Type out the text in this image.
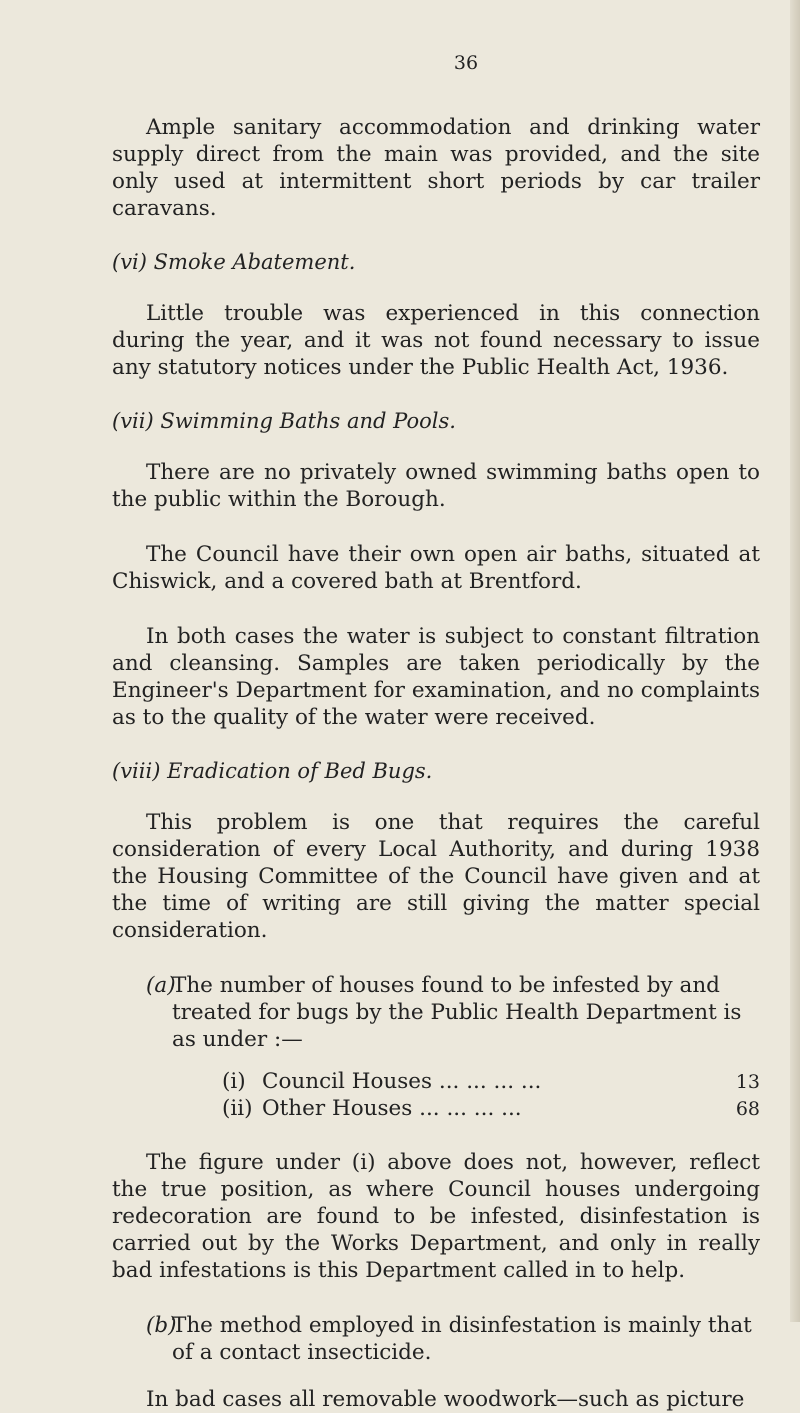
36

Ample sanitary accommodation and drinking water supply direct from the main was provided, and the site only used at intermittent short periods by car trailer caravans.

(vi) Smoke Abatement.

Little trouble was experienced in this connection during the year, and it was not found necessary to issue any statutory notices under the Public Health Act, 1936.

(vii) Swimming Baths and Pools.

There are no privately owned swimming baths open to the public within the Borough.

The Council have their own open air baths, situated at Chiswick, and a covered bath at Brentford.

In both cases the water is subject to constant filtration and cleansing. Samples are taken periodically by the Engineer's Department for examination, and no complaints as to the quality of the water were received.

(viii) Eradication of Bed Bugs.

This problem is one that requires the careful consideration of every Local Authority, and during 1938 the Housing Committee of the Council have given and at the time of writing are still giving the matter special consideration.

(a)
The number of houses found to be infested by and treated for bugs by the Public Health Department is as under :—
(i) Council Houses ... ... ... ...	13
(ii) Other Houses ... ... ... ...	68

The figure under (i) above does not, however, reflect the true position, as where Council houses undergoing redecoration are found to be infested, disinfestation is carried out by the Works Department, and only in really bad infestations is this Department called in to help.

(b)
The method employed in disinfestation is mainly that of a contact insecticide.

In bad cases all removable woodwork—such as picture
